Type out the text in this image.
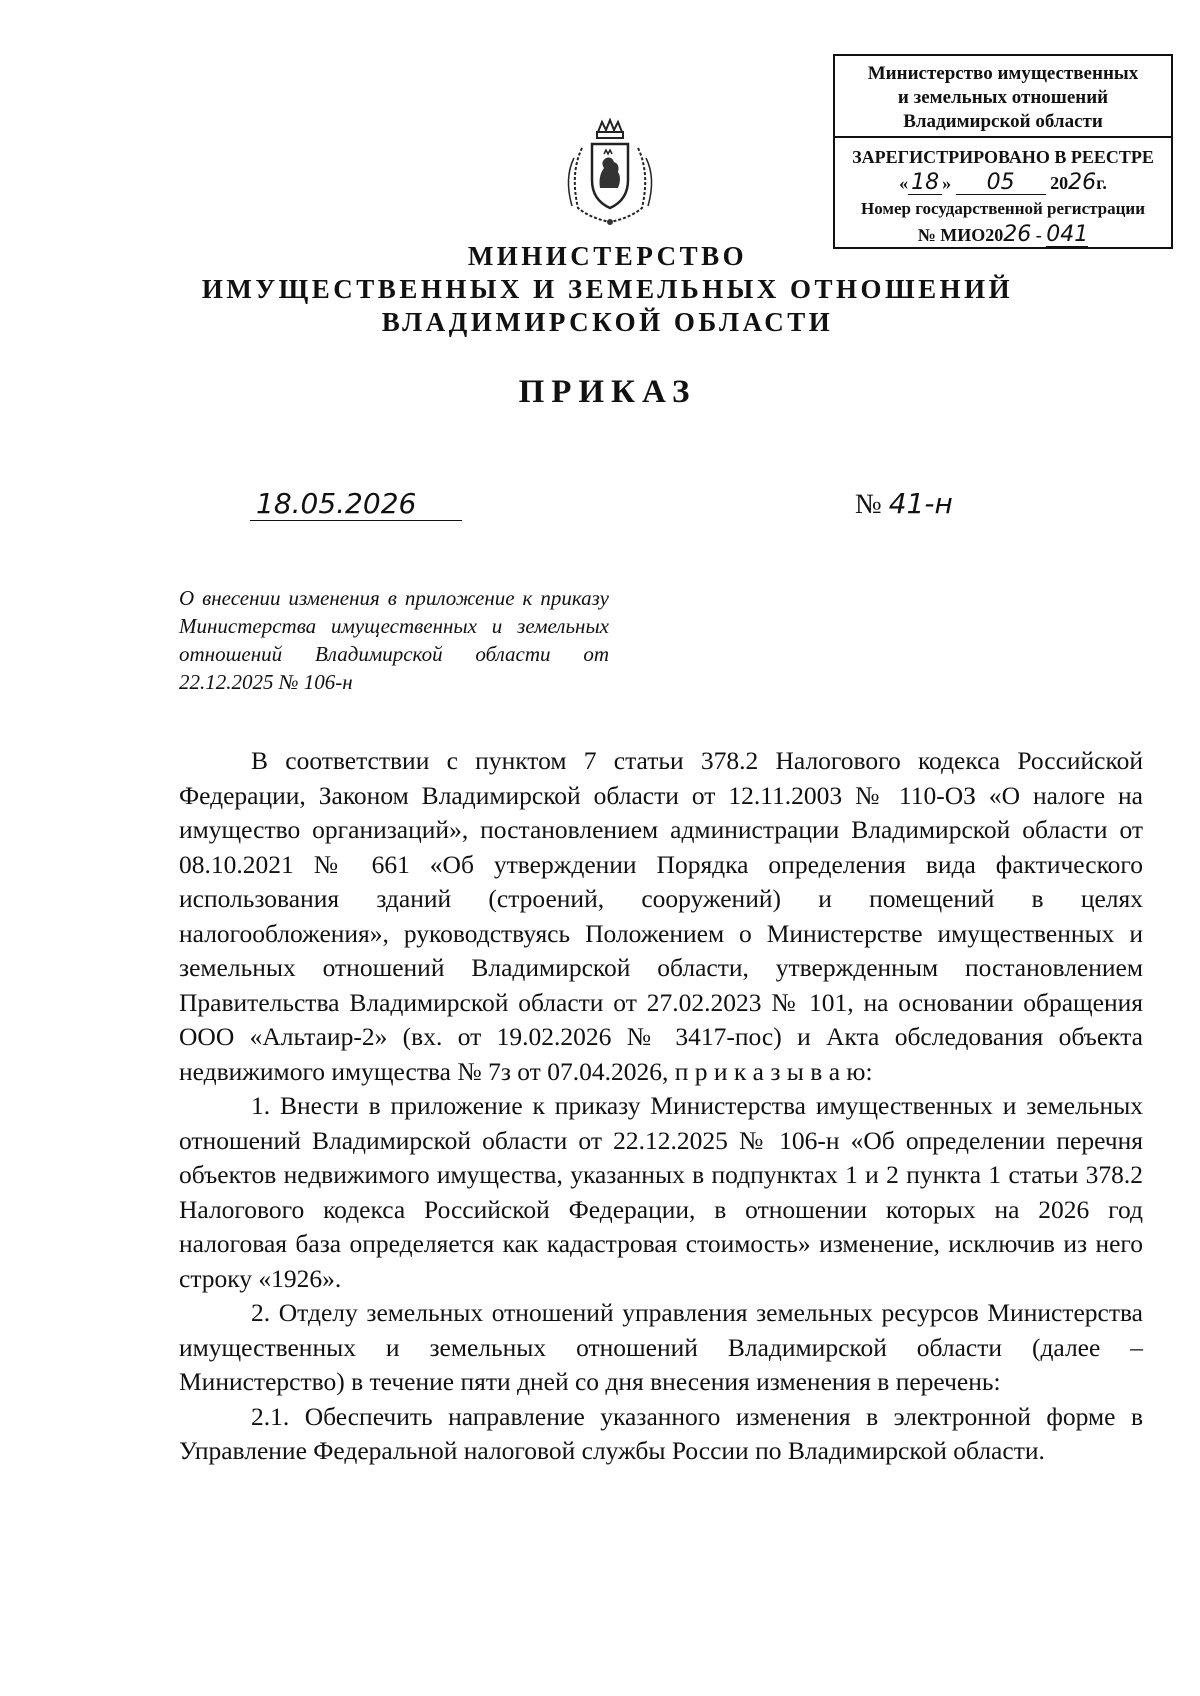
Министерство имущественных
и земельных отношений
Владимирской области
ЗАРЕГИСТРИРОВАНО В РЕЕСТРЕ
« 18 » 05 2026г.
Номер государственной регистрации
№ МИО2026 - 041
МИНИСТЕРСТВО
ИМУЩЕСТВЕННЫХ И ЗЕМЕЛЬНЫХ ОТНОШЕНИЙ
ВЛАДИМИРСКОЙ ОБЛАСТИ
ПРИКАЗ
18.05.2026	№ 41-н
О внесении изменения в приложение к приказу Министерства имущественных и земельных отношений Владимирской области от 22.12.2025 № 106-н

В соответствии с пунктом 7 статьи 378.2 Налогового кодекса Российской Федерации, Законом Владимирской области от 12.11.2003 № 110-ОЗ «О налоге на имущество организаций», постановлением администрации Владимирской области от 08.10.2021 № 661 «Об утверждении Порядка определения вида фактического использования зданий (строений, сооружений) и помещений в целях налогообложения», руководствуясь Положением о Министерстве имущественных и земельных отношений Владимирской области, утвержденным постановлением Правительства Владимирской области от 27.02.2023 № 101, на основании обращения ООО «Альтаир-2» (вх. от 19.02.2026 № 3417-пос) и Акта обследования объекта недвижимого имущества № 7з от 07.04.2026, п р и к а з ы в а ю:

1. Внести в приложение к приказу Министерства имущественных и земельных отношений Владимирской области от 22.12.2025 № 106-н «Об определении перечня объектов недвижимого имущества, указанных в подпунктах 1 и 2 пункта 1 статьи 378.2 Налогового кодекса Российской Федерации, в отношении которых на 2026 год налоговая база определяется как кадастровая стоимость» изменение, исключив из него строку «1926».

2. Отделу земельных отношений управления земельных ресурсов Министерства имущественных и земельных отношений Владимирской области (далее – Министерство) в течение пяти дней со дня внесения изменения в перечень:

2.1. Обеспечить направление указанного изменения в электронной форме в Управление Федеральной налоговой службы России по Владимирской области.
